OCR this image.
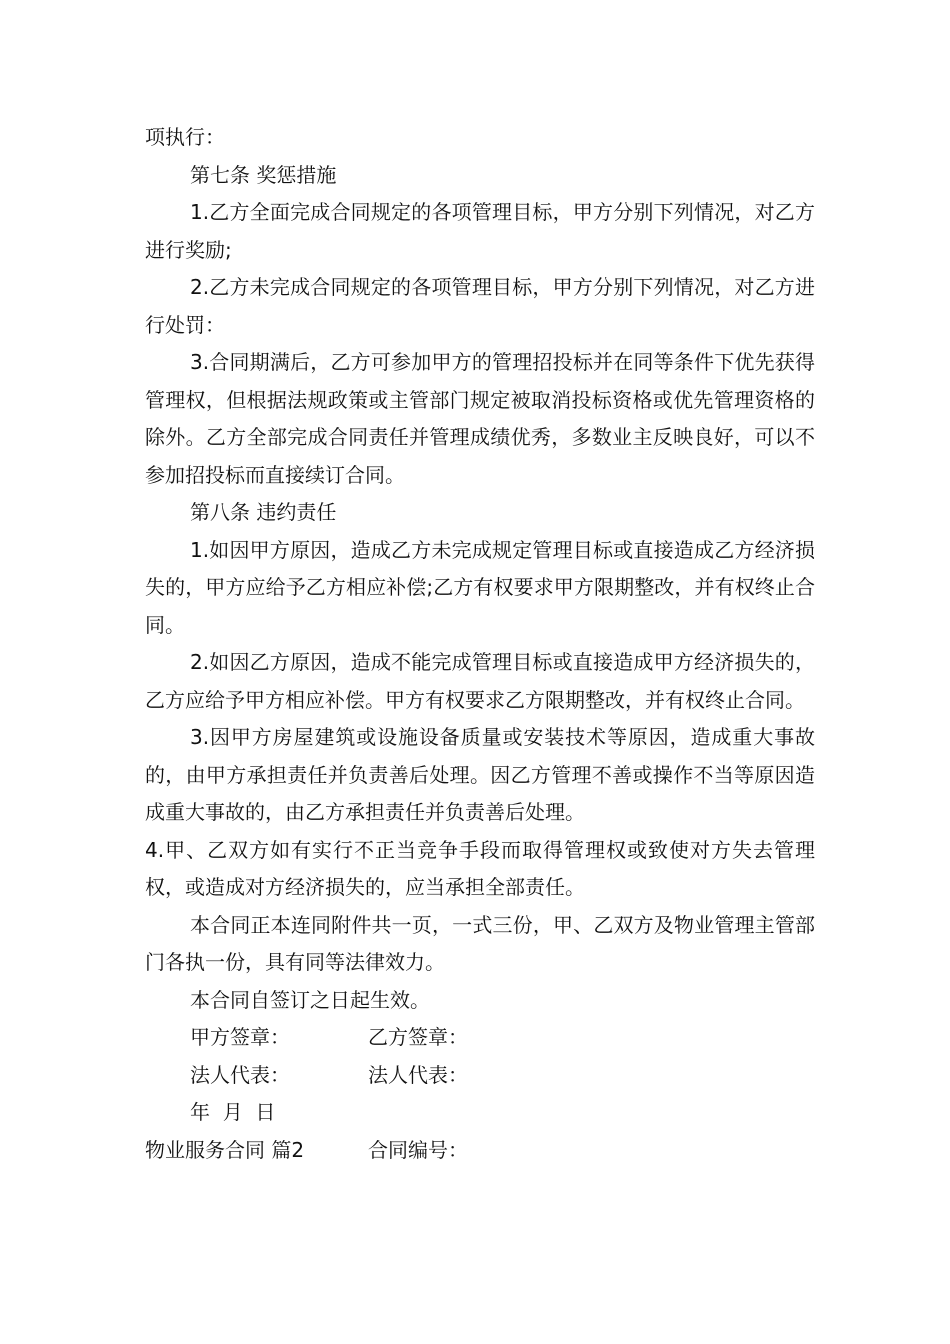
项执行：

第七条 奖惩措施

1.乙方全面完成合同规定的各项管理目标，甲方分别下列情况，对乙方进行奖励;

2.乙方未完成合同规定的各项管理目标，甲方分别下列情况，对乙方进行处罚：

3.合同期满后，乙方可参加甲方的管理招投标并在同等条件下优先获得管理权，但根据法规政策或主管部门规定被取消投标资格或优先管理资格的除外。乙方全部完成合同责任并管理成绩优秀，多数业主反映良好，可以不参加招投标而直接续订合同。

第八条 违约责任

1.如因甲方原因，造成乙方未完成规定管理目标或直接造成乙方经济损失的，甲方应给予乙方相应补偿;乙方有权要求甲方限期整改，并有权终止合同。

2.如因乙方原因，造成不能完成管理目标或直接造成甲方经济损失的，乙方应给予甲方相应补偿。甲方有权要求乙方限期整改，并有权终止合同。

3.因甲方房屋建筑或设施设备质量或安装技术等原因，造成重大事故的，由甲方承担责任并负责善后处理。因乙方管理不善或操作不当等原因造成重大事故的，由乙方承担责任并负责善后处理。

4.甲、乙双方如有实行不正当竞争手段而取得管理权或致使对方失去管理权，或造成对方经济损失的，应当承担全部责任。

本合同正本连同附件共一页，一式三份，甲、乙双方及物业管理主管部门各执一份，具有同等法律效力。

本合同自签订之日起生效。

甲方签章：	乙方签章：
法人代表：	法人代表：
年  月  日
物业服务合同 篇2	合同编号：
